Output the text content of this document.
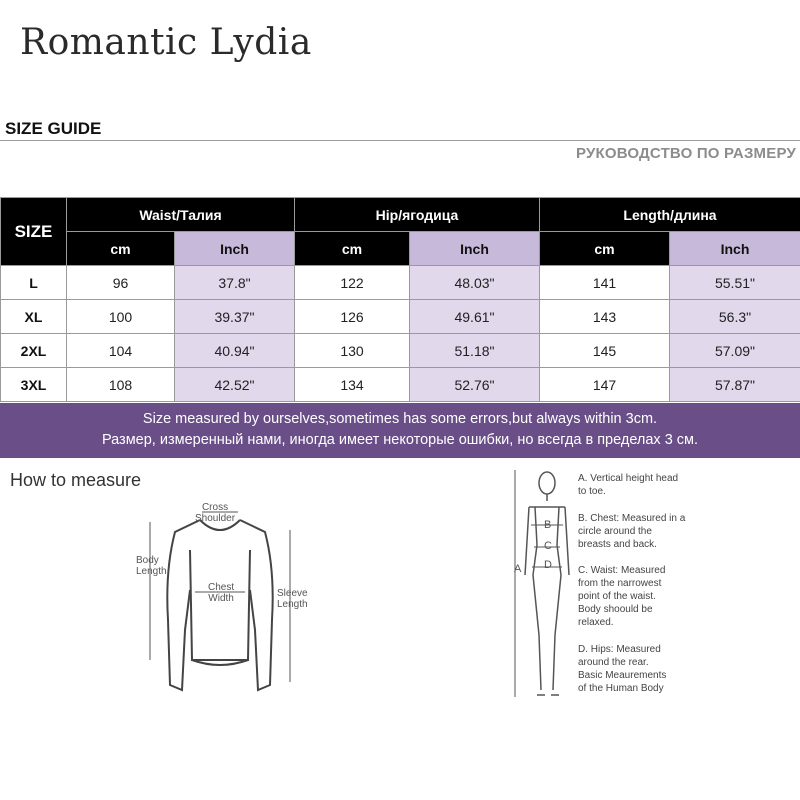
Romantic Lydia
SIZE GUIDE
РУКОВОДСТВО ПО РАЗМЕРУ
SIZE	Waist/Талия		Hip/ягодица		Length/длина	
	cm	Inch	cm	Inch	cm	Inch
L	96	37.8"	122	48.03"	141	55.51"
XL	100	39.37"	126	49.61"	143	56.3"
2XL	104	40.94"	130	51.18"	145	57.09"
3XL	108	42.52"	134	52.76"	147	57.87"
Size measured by ourselves,sometimes has some errors,but always within 3cm.
Размер, измеренный нами, иногда имеет некоторые ошибки, но всегда в пределах 3 см.
How to measure
Cross
Shoulder
Body
Length
Chest
Width	Sleeve
Length
A
B
C
D
A. Vertical height head
to toe.
B. Chest: Measured in a
circle around the
breasts and back.
C. Waist: Measured
from the narrowest
point of the waist.
Body shoould be
relaxed.
D. Hips: Measured
around the rear.
Basic Meaurements
of the Human Body
